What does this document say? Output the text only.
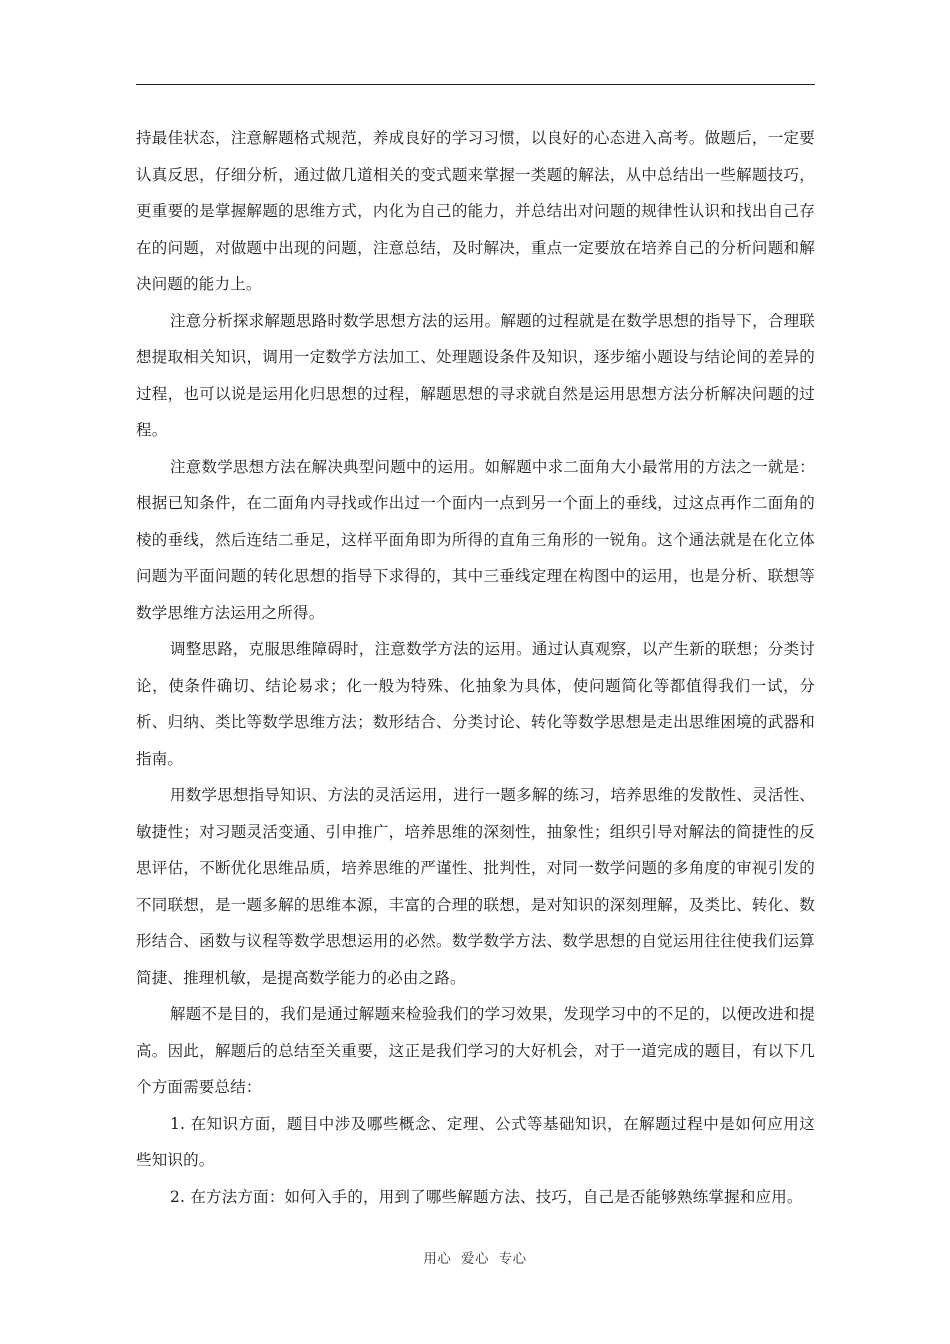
持最佳状态，注意解题格式规范，养成良好的学习习惯，以良好的心态进入高考。做题后，一定要认真反思，仔细分析，通过做几道相关的变式题来掌握一类题的解法，从中总结出一些解题技巧，更重要的是掌握解题的思维方式，内化为自己的能力，并总结出对问题的规律性认识和找出自己存在的问题，对做题中出现的问题，注意总结，及时解决，重点一定要放在培养自己的分析问题和解决问题的能力上。

注意分析探求解题思路时数学思想方法的运用。解题的过程就是在数学思想的指导下，合理联想提取相关知识，调用一定数学方法加工、处理题设条件及知识，逐步缩小题设与结论间的差异的过程，也可以说是运用化归思想的过程，解题思想的寻求就自然是运用思想方法分析解决问题的过程。

注意数学思想方法在解决典型问题中的运用。如解题中求二面角大小最常用的方法之一就是：根据已知条件，在二面角内寻找或作出过一个面内一点到另一个面上的垂线，过这点再作二面角的棱的垂线，然后连结二垂足，这样平面角即为所得的直角三角形的一锐角。这个通法就是在化立体问题为平面问题的转化思想的指导下求得的，其中三垂线定理在构图中的运用，也是分析、联想等数学思维方法运用之所得。

调整思路，克服思维障碍时，注意数学方法的运用。通过认真观察，以产生新的联想；分类讨论，使条件确切、结论易求；化一般为特殊、化抽象为具体，使问题简化等都值得我们一试，分析、归纳、类比等数学思维方法；数形结合、分类讨论、转化等数学思想是走出思维困境的武器和指南。

用数学思想指导知识、方法的灵活运用，进行一题多解的练习，培养思维的发散性、灵活性、敏捷性；对习题灵活变通、引申推广，培养思维的深刻性，抽象性；组织引导对解法的简捷性的反思评估，不断优化思维品质，培养思维的严谨性、批判性，对同一数学问题的多角度的审视引发的不同联想，是一题多解的思维本源，丰富的合理的联想，是对知识的深刻理解，及类比、转化、数形结合、函数与议程等数学思想运用的必然。数学数学方法、数学思想的自觉运用往往使我们运算简捷、推理机敏，是提高数学能力的必由之路。

解题不是目的，我们是通过解题来检验我们的学习效果，发现学习中的不足的，以便改进和提高。因此，解题后的总结至关重要，这正是我们学习的大好机会，对于一道完成的题目，有以下几个方面需要总结：

1. 在知识方面，题目中涉及哪些概念、定理、公式等基础知识，在解题过程中是如何应用这些知识的。

2. 在方法方面：如何入手的，用到了哪些解题方法、技巧，自己是否能够熟练掌握和应用。

用心  爱心  专心
